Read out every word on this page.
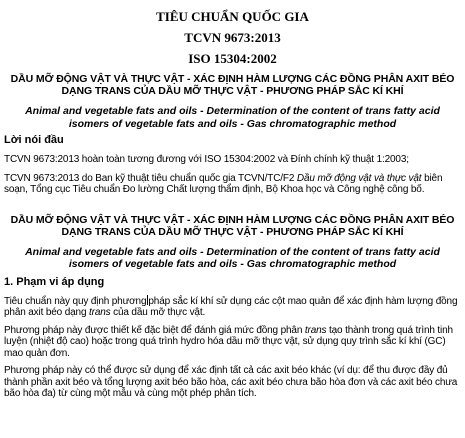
TIÊU CHUẨN QUỐC GIA
TCVN 9673:2013
ISO 15304:2002
DẦU MỠ ĐỘNG VẬT VÀ THỰC VẬT - XÁC ĐỊNH HÀM LƯỢNG CÁC ĐỒNG PHÂN AXIT BÉO
DẠNG TRANS CỦA DẦU MỠ THỰC VẬT - PHƯƠNG PHÁP SẮC KÍ KHÍ
Animal and vegetable fats and oils - Determination of the content of trans fatty acid
isomers of vegetable fats and oils - Gas chromatographic method
Lời nói đầu
TCVN 9673:2013 hoàn toàn tương đương với ISO 15304:2002 và Đính chính kỹ thuật 1:2003;
TCVN 9673:2013 do Ban kỹ thuật tiêu chuẩn quốc gia TCVN/TC/F2 Dầu mỡ động vật và thực vật biên soạn, Tổng cục Tiêu chuẩn Đo lường Chất lượng thẩm định, Bộ Khoa học và Công nghệ công bố.
DẦU MỠ ĐỘNG VẬT VÀ THỰC VẬT - XÁC ĐỊNH HÀM LƯỢNG CÁC ĐỒNG PHÂN AXIT BÉO
DẠNG TRANS CỦA DẦU MỠ THỰC VẬT - PHƯƠNG PHÁP SẮC KÍ KHÍ
Animal and vegetable fats and oils - Determination of the content of trans fatty acid
isomers of vegetable fats and oils - Gas chromatographic method
1. Phạm vi áp dụng
Tiêu chuẩn này quy định phương pháp sắc kí khí sử dụng các cột mao quản để xác định hàm lượng đồng phân axit béo dạng trans của dầu mỡ thực vật.
Phương pháp này được thiết kế đặc biệt để đánh giá mức đồng phân trans tạo thành trong quá trình tinh luyện (nhiệt độ cao) hoặc trong quá trình hydro hóa dầu mỡ thực vật, sử dụng quy trình sắc kí khí (GC) mao quản đơn.
Phương pháp này có thể được sử dụng để xác định tất cả các axit béo khác (ví dụ: để thu được đầy đủ thành phần axit béo và tổng lượng axit béo bão hòa, các axit béo chưa bão hòa đơn và các axit béo chưa bão hòa đa) từ cùng một mẫu và cùng một phép phân tích.
